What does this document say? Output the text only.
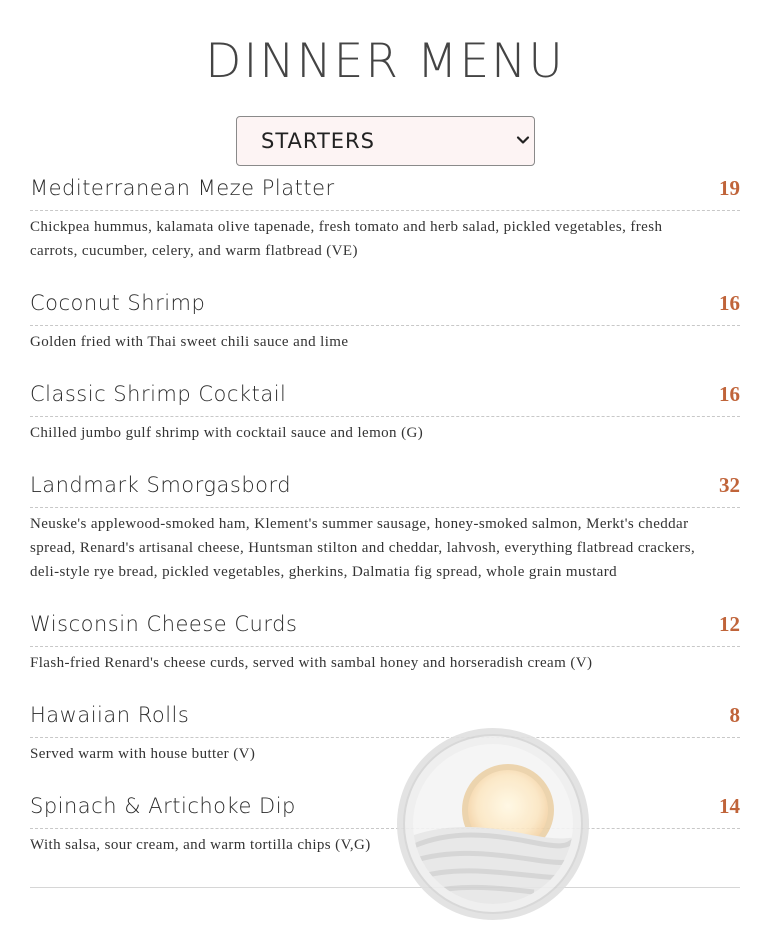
DINNER MENU
STARTERS
Mediterranean Meze Platter	19
Chickpea hummus, kalamata olive tapenade, fresh tomato and herb salad, pickled vegetables, fresh carrots, cucumber, celery, and warm flatbread (VE)
Coconut Shrimp	16
Golden fried with Thai sweet chili sauce and lime
Classic Shrimp Cocktail	16
Chilled jumbo gulf shrimp with cocktail sauce and lemon (G)
Landmark Smorgasbord	32
Neuske's applewood-smoked ham, Klement's summer sausage, honey-smoked salmon, Merkt's cheddar spread, Renard's artisanal cheese, Huntsman stilton and cheddar, lahvosh, everything flatbread crackers, deli-style rye bread, pickled vegetables, gherkins, Dalmatia fig spread, whole grain mustard
Wisconsin Cheese Curds	12
Flash-fried Renard's cheese curds, served with sambal honey and horseradish cream (V)
Hawaiian Rolls	8
Served warm with house butter (V)
Spinach & Artichoke Dip	14
With salsa, sour cream, and warm tortilla chips (V,G)
